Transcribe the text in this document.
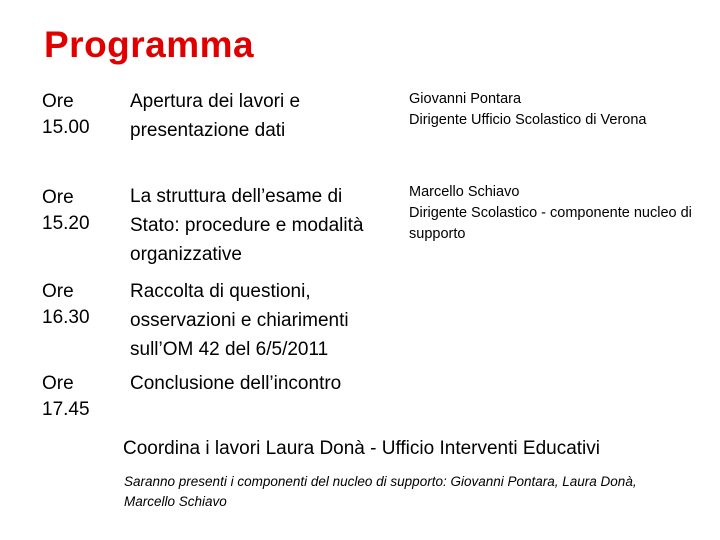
Programma
Ore 15.00
Apertura dei lavori e presentazione dati
Giovanni Pontara
Dirigente Ufficio Scolastico di Verona
Ore 15.20
La struttura dell’esame di Stato: procedure e modalità organizzative
Marcello Schiavo
Dirigente Scolastico - componente nucleo di supporto
Ore 16.30
Raccolta di questioni, osservazioni e chiarimenti sull’OM 42 del 6/5/2011
Ore 17.45
Conclusione dell’incontro
Coordina i lavori Laura Donà - Ufficio Interventi Educativi
Saranno presenti i componenti del nucleo di supporto: Giovanni Pontara, Laura Donà, Marcello Schiavo
